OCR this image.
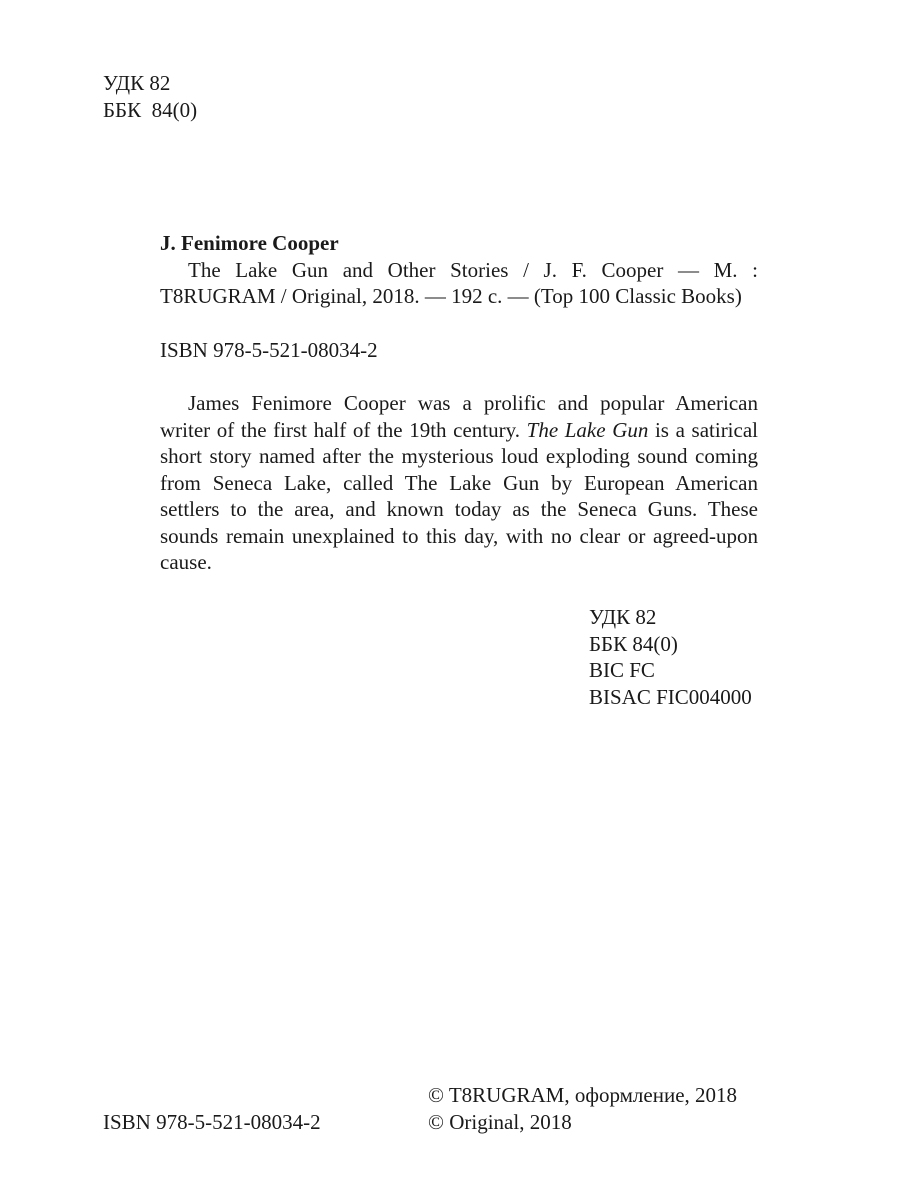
УДК 82
ББК  84(0)
J. Fenimore Cooper
The Lake Gun and Other Stories / J. F. Cooper — M. : T8RUGRAM / Original, 2018. — 192 с. — (Top 100 Classic Books)
ISBN 978-5-521-08034-2
James Fenimore Cooper was a prolific and popular American writer of the first half of the 19th century. The Lake Gun is a satirical short story named after the mysterious loud exploding sound coming from Seneca Lake, called The Lake Gun by European American settlers to the area, and known today as the Seneca Guns. These sounds remain unexplained to this day, with no clear or agreed-upon cause.
УДК 82
ББК 84(0)
BIC FC
BISAC FIC004000
ISBN 978-5-521-08034-2
© T8RUGRAM, оформление, 2018
© Original, 2018
